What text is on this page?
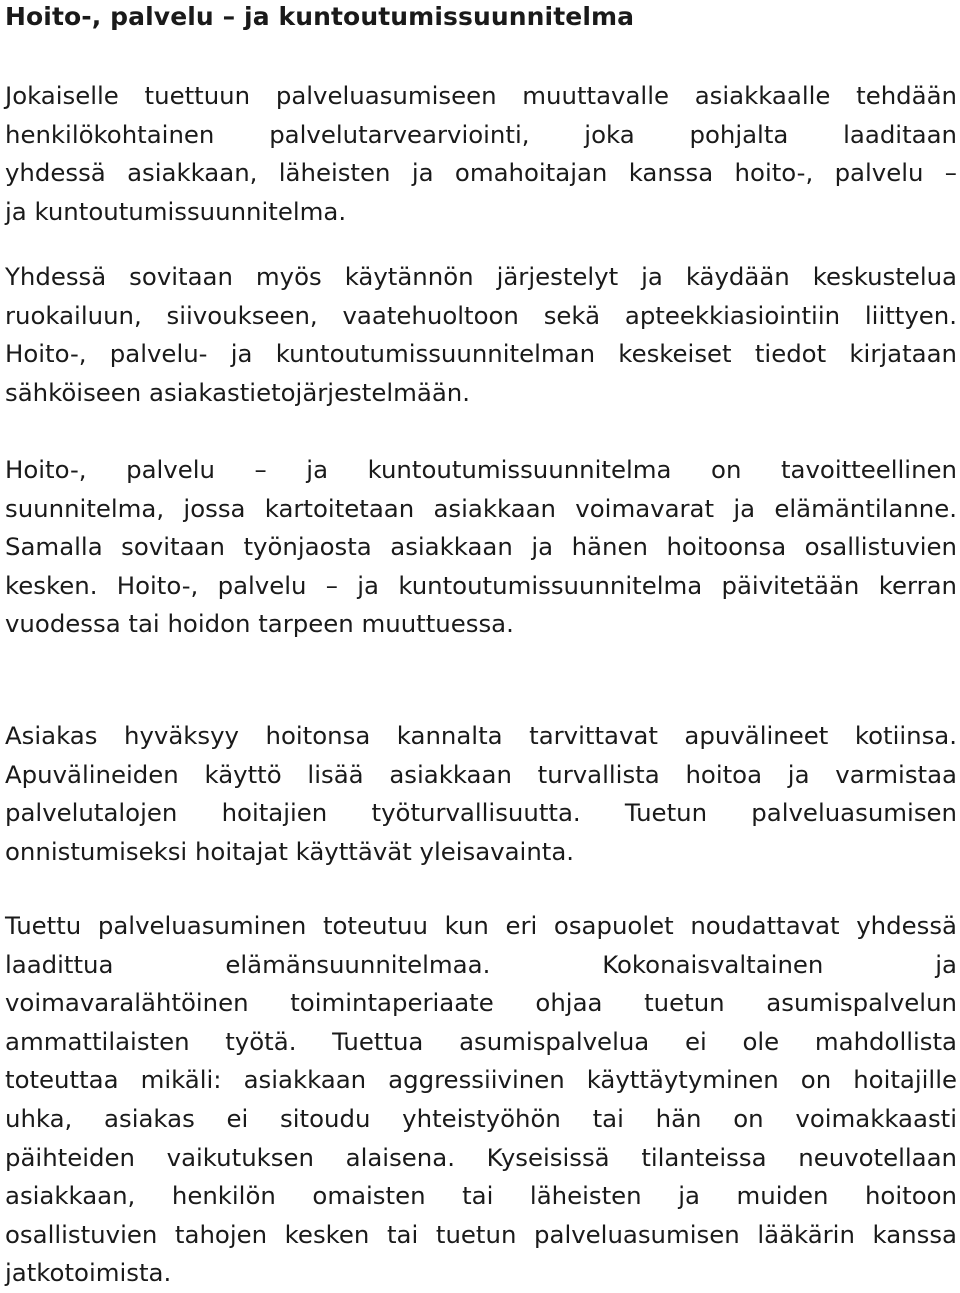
Hoito-, palvelu – ja kuntoutumissuunnitelma
Jokaiselle tuettuun palveluasumiseen muuttavalle asiakkaalle tehdään
henkilökohtainen palvelutarvearviointi, joka pohjalta laaditaan
yhdessä asiakkaan, läheisten ja omahoitajan kanssa hoito-, palvelu –
ja kuntoutumissuunnitelma.
Yhdessä sovitaan myös käytännön järjestelyt ja käydään keskustelua
ruokailuun, siivoukseen, vaatehuoltoon sekä apteekkiasiointiin liittyen.
Hoito-, palvelu- ja kuntoutumissuunnitelman keskeiset tiedot kirjataan
sähköiseen asiakastietojärjestelmään.
Hoito-, palvelu – ja kuntoutumissuunnitelma on tavoitteellinen
suunnitelma, jossa kartoitetaan asiakkaan voimavarat ja elämäntilanne.
Samalla sovitaan työnjaosta asiakkaan ja hänen hoitoonsa osallistuvien
kesken. Hoito-, palvelu – ja kuntoutumissuunnitelma päivitetään kerran
vuodessa tai hoidon tarpeen muuttuessa.
Asiakas hyväksyy hoitonsa kannalta tarvittavat apuvälineet kotiinsa.
Apuvälineiden käyttö lisää asiakkaan turvallista hoitoa ja varmistaa
palvelutalojen hoitajien työturvallisuutta. Tuetun palveluasumisen
onnistumiseksi hoitajat käyttävät yleisavainta.
Tuettu palveluasuminen toteutuu kun eri osapuolet noudattavat yhdessä
laadittua elämänsuunnitelmaa. Kokonaisvaltainen ja
voimavaralähtöinen toimintaperiaate ohjaa tuetun asumispalvelun
ammattilaisten työtä. Tuettua asumispalvelua ei ole mahdollista
toteuttaa mikäli: asiakkaan aggressiivinen käyttäytyminen on hoitajille
uhka, asiakas ei sitoudu yhteistyöhön tai hän on voimakkaasti
päihteiden vaikutuksen alaisena. Kyseisissä tilanteissa neuvotellaan
asiakkaan, henkilön omaisten tai läheisten ja muiden hoitoon
osallistuvien tahojen kesken tai tuetun palveluasumisen lääkärin kanssa
jatkotoimista.
